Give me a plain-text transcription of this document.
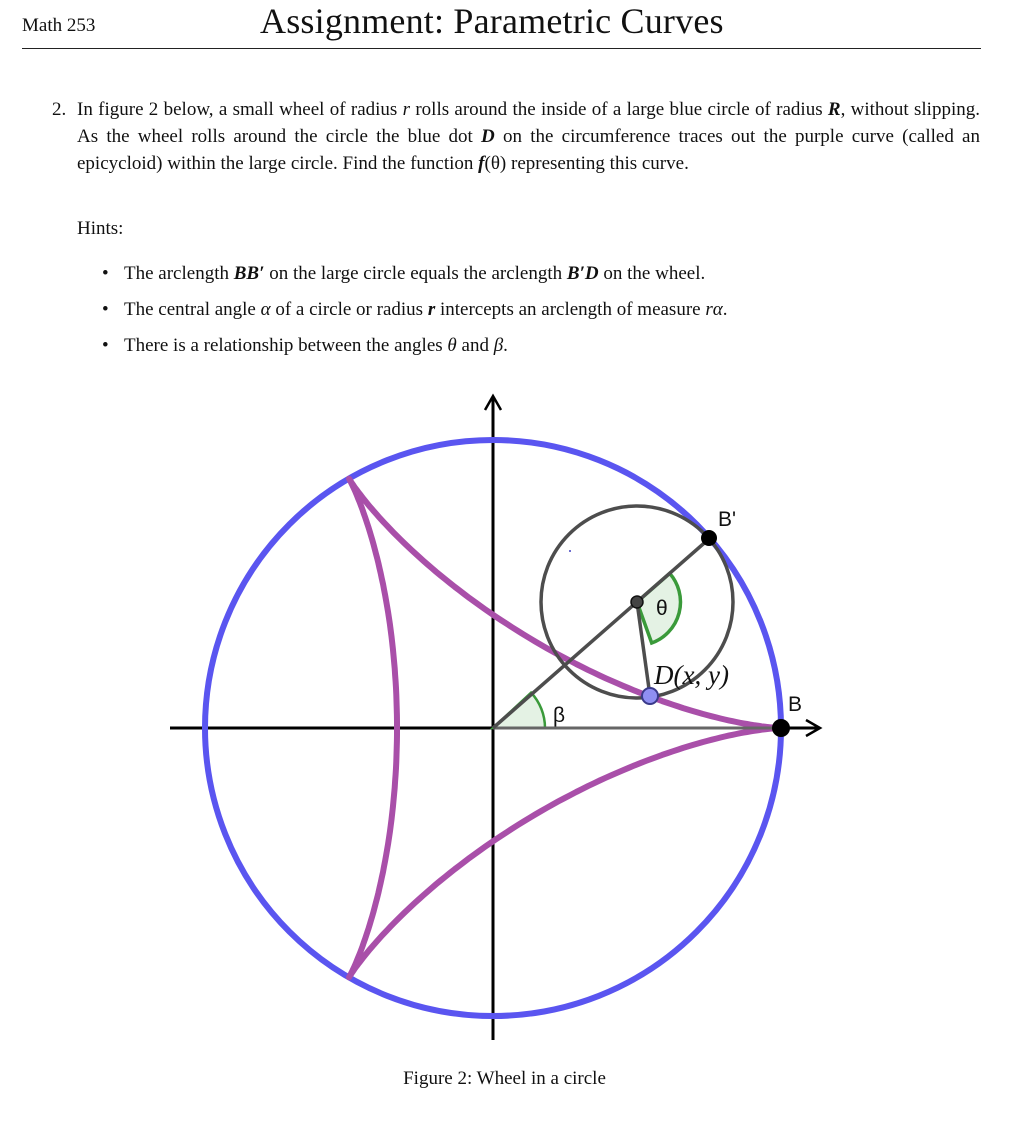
Math 253	Assignment: Parametric Curves
2. In figure 2 below, a small wheel of radius r rolls around the inside of a large blue circle of radius R, without slipping. As the wheel rolls around the circle the blue dot D on the circumference traces out the purple curve (called an epicycloid) within the large circle. Find the function f(θ) representing this curve.
Hints:
• The arclength BB′ on the large circle equals the arclength B′D on the wheel.
• The central angle α of a circle or radius r intercepts an arclength of measure rα.
• There is a relationship between the angles θ and β.
B'
B
θ
β
D(x, y)
Figure 2: Wheel in a circle
